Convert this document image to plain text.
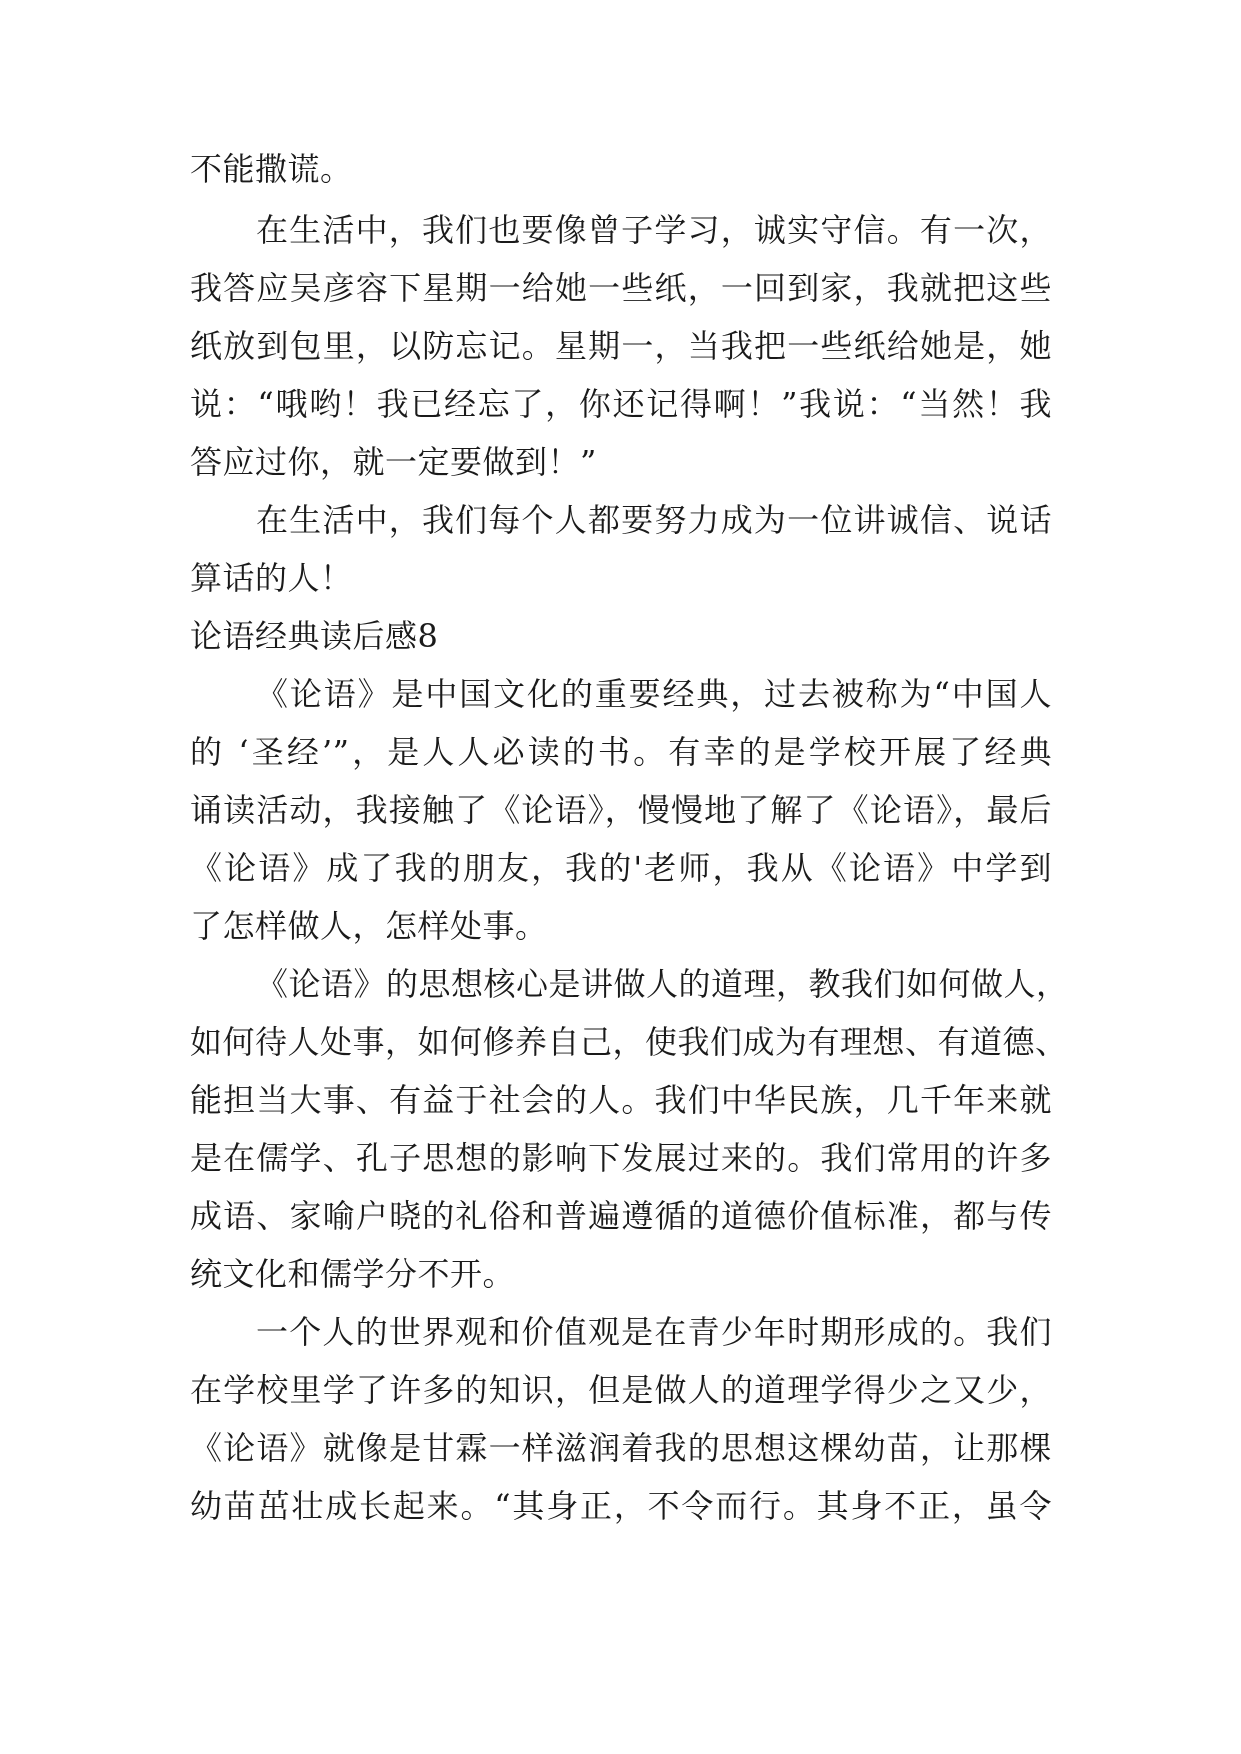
不能撒谎。
在生活中，我们也要像曾子学习，诚实守信。有一次，
我答应吴彦容下星期一给她一些纸，一回到家，我就把这些
纸放到包里，以防忘记。星期一，当我把一些纸给她是，她
说：“哦哟！我已经忘了，你还记得啊！”我说：“当然！我
答应过你，就一定要做到！”
在生活中，我们每个人都要努力成为一位讲诚信、说话
算话的人！
论语经典读后感8
《论语》是中国文化的重要经典，过去被称为“中国人
的 ‘圣经’”，是人人必读的书。有幸的是学校开展了经典
诵读活动，我接触了《论语》，慢慢地了解了《论语》，最后
《论语》成了我的朋友，我的'老师，我从《论语》中学到
了怎样做人，怎样处事。
《论语》的思想核心是讲做人的道理，教我们如何做人，
如何待人处事，如何修养自己，使我们成为有理想、有道德、
能担当大事、有益于社会的人。我们中华民族，几千年来就
是在儒学、孔子思想的影响下发展过来的。我们常用的许多
成语、家喻户晓的礼俗和普遍遵循的道德价值标准，都与传
统文化和儒学分不开。
一个人的世界观和价值观是在青少年时期形成的。我们
在学校里学了许多的知识，但是做人的道理学得少之又少，
《论语》就像是甘霖一样滋润着我的思想这棵幼苗，让那棵
幼苗茁壮成长起来。“其身正，不令而行。其身不正，虽令
